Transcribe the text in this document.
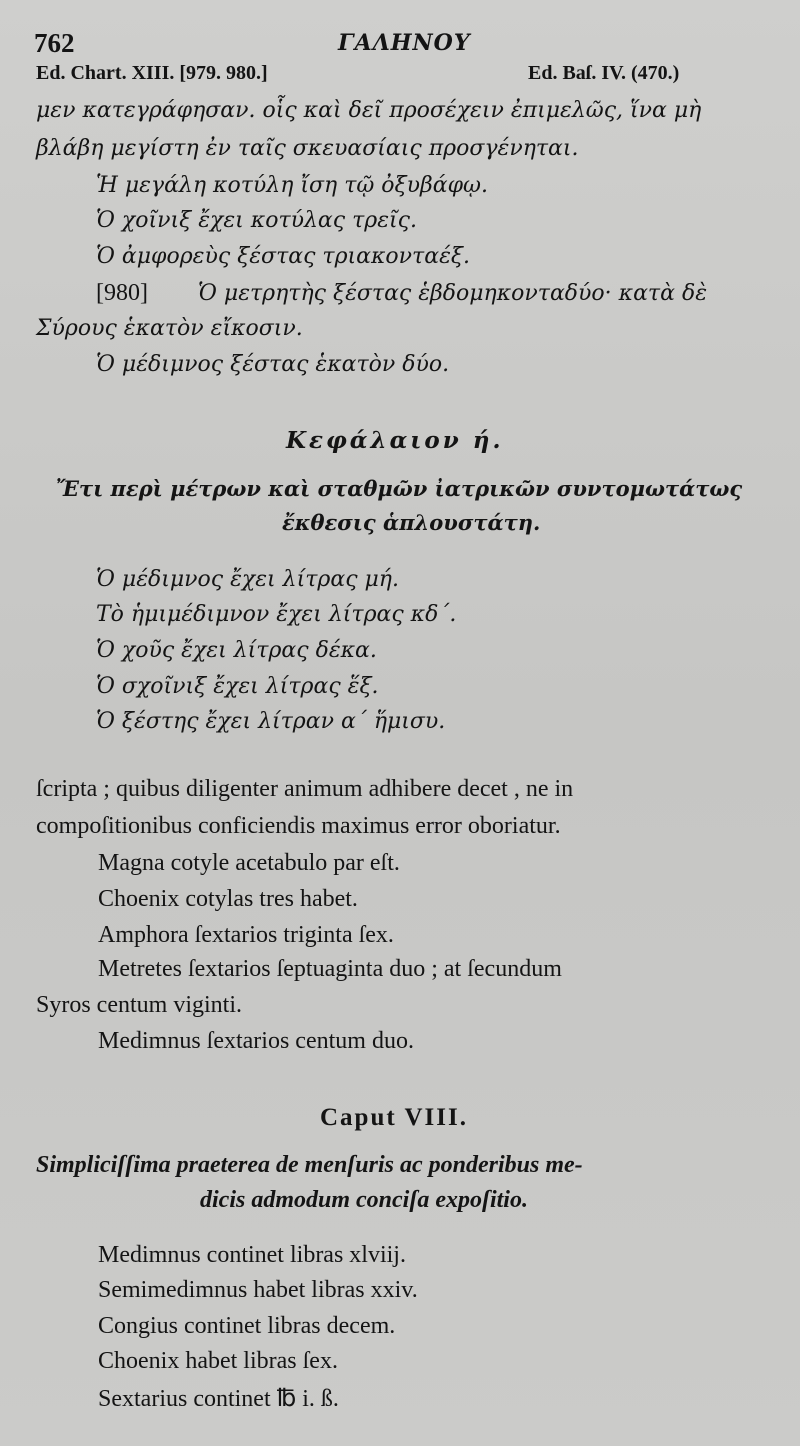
762	ΓΑΛΗΝΟΥ
Ed. Chart. XIII. [979. 980.]	Ed. Baſ. IV. (470.)
μεν κατεγράφησαν. οἷς καὶ δεῖ προσέχειν ἐπιμελῶς, ἵνα μὴ
βλάβη μεγίστη ἐν ταῖς σκευασίαις προσγένηται.
Ἡ μεγάλη κοτύλη ἴση τῷ ὀξυβάφῳ.
Ὁ χοῖνιξ ἔχει κοτύλας τρεῖς.
Ὁ ἀμφορεὺς ξέστας τριακονταέξ.
[980] Ὁ μετρητὴς ξέστας ἑβδομηκονταδύο· κατὰ δὲ
Σύρους ἑκατὸν εἴκοσιν.
Ὁ μέδιμνος ξέστας ἑκατὸν δύο.
Κεφάλαιον ή.
Ἔτι περὶ μέτρων καὶ σταθμῶν ἰατρικῶν συντομωτάτως
ἔκθεσις ἁπλουστάτη.
Ὁ μέδιμνος ἔχει λίτρας μή.
Τὸ ἡμιμέδιμνον ἔχει λίτρας κδ΄.
Ὁ χοῦς ἔχει λίτρας δέκα.
Ὁ σχοῖνιξ ἔχει λίτρας ἕξ.
Ὁ ξέστης ἔχει λίτραν α΄ ἥμισυ.
ſcripta ; quibus diligenter animum adhibere decet , ne in
compoſitionibus conficiendis maximus error oboriatur.
Magna cotyle acetabulo par eſt.
Choenix cotylas tres habet.
Amphora ſextarios triginta ſex.
Metretes ſextarios ſeptuaginta duo ; at ſecundum
Syros centum viginti.
Medimnus ſextarios centum duo.
Caput VIII.
Simpliciſſima praeterea de menſuris ac ponderibus me-
dicis admodum conciſa expoſitio.
Medimnus continet libras xlviij.
Semimedimnus habet libras xxiv.
Congius continet libras decem.
Choenix habet libras ſex.
Sextarius continet ℔ i. ß.
